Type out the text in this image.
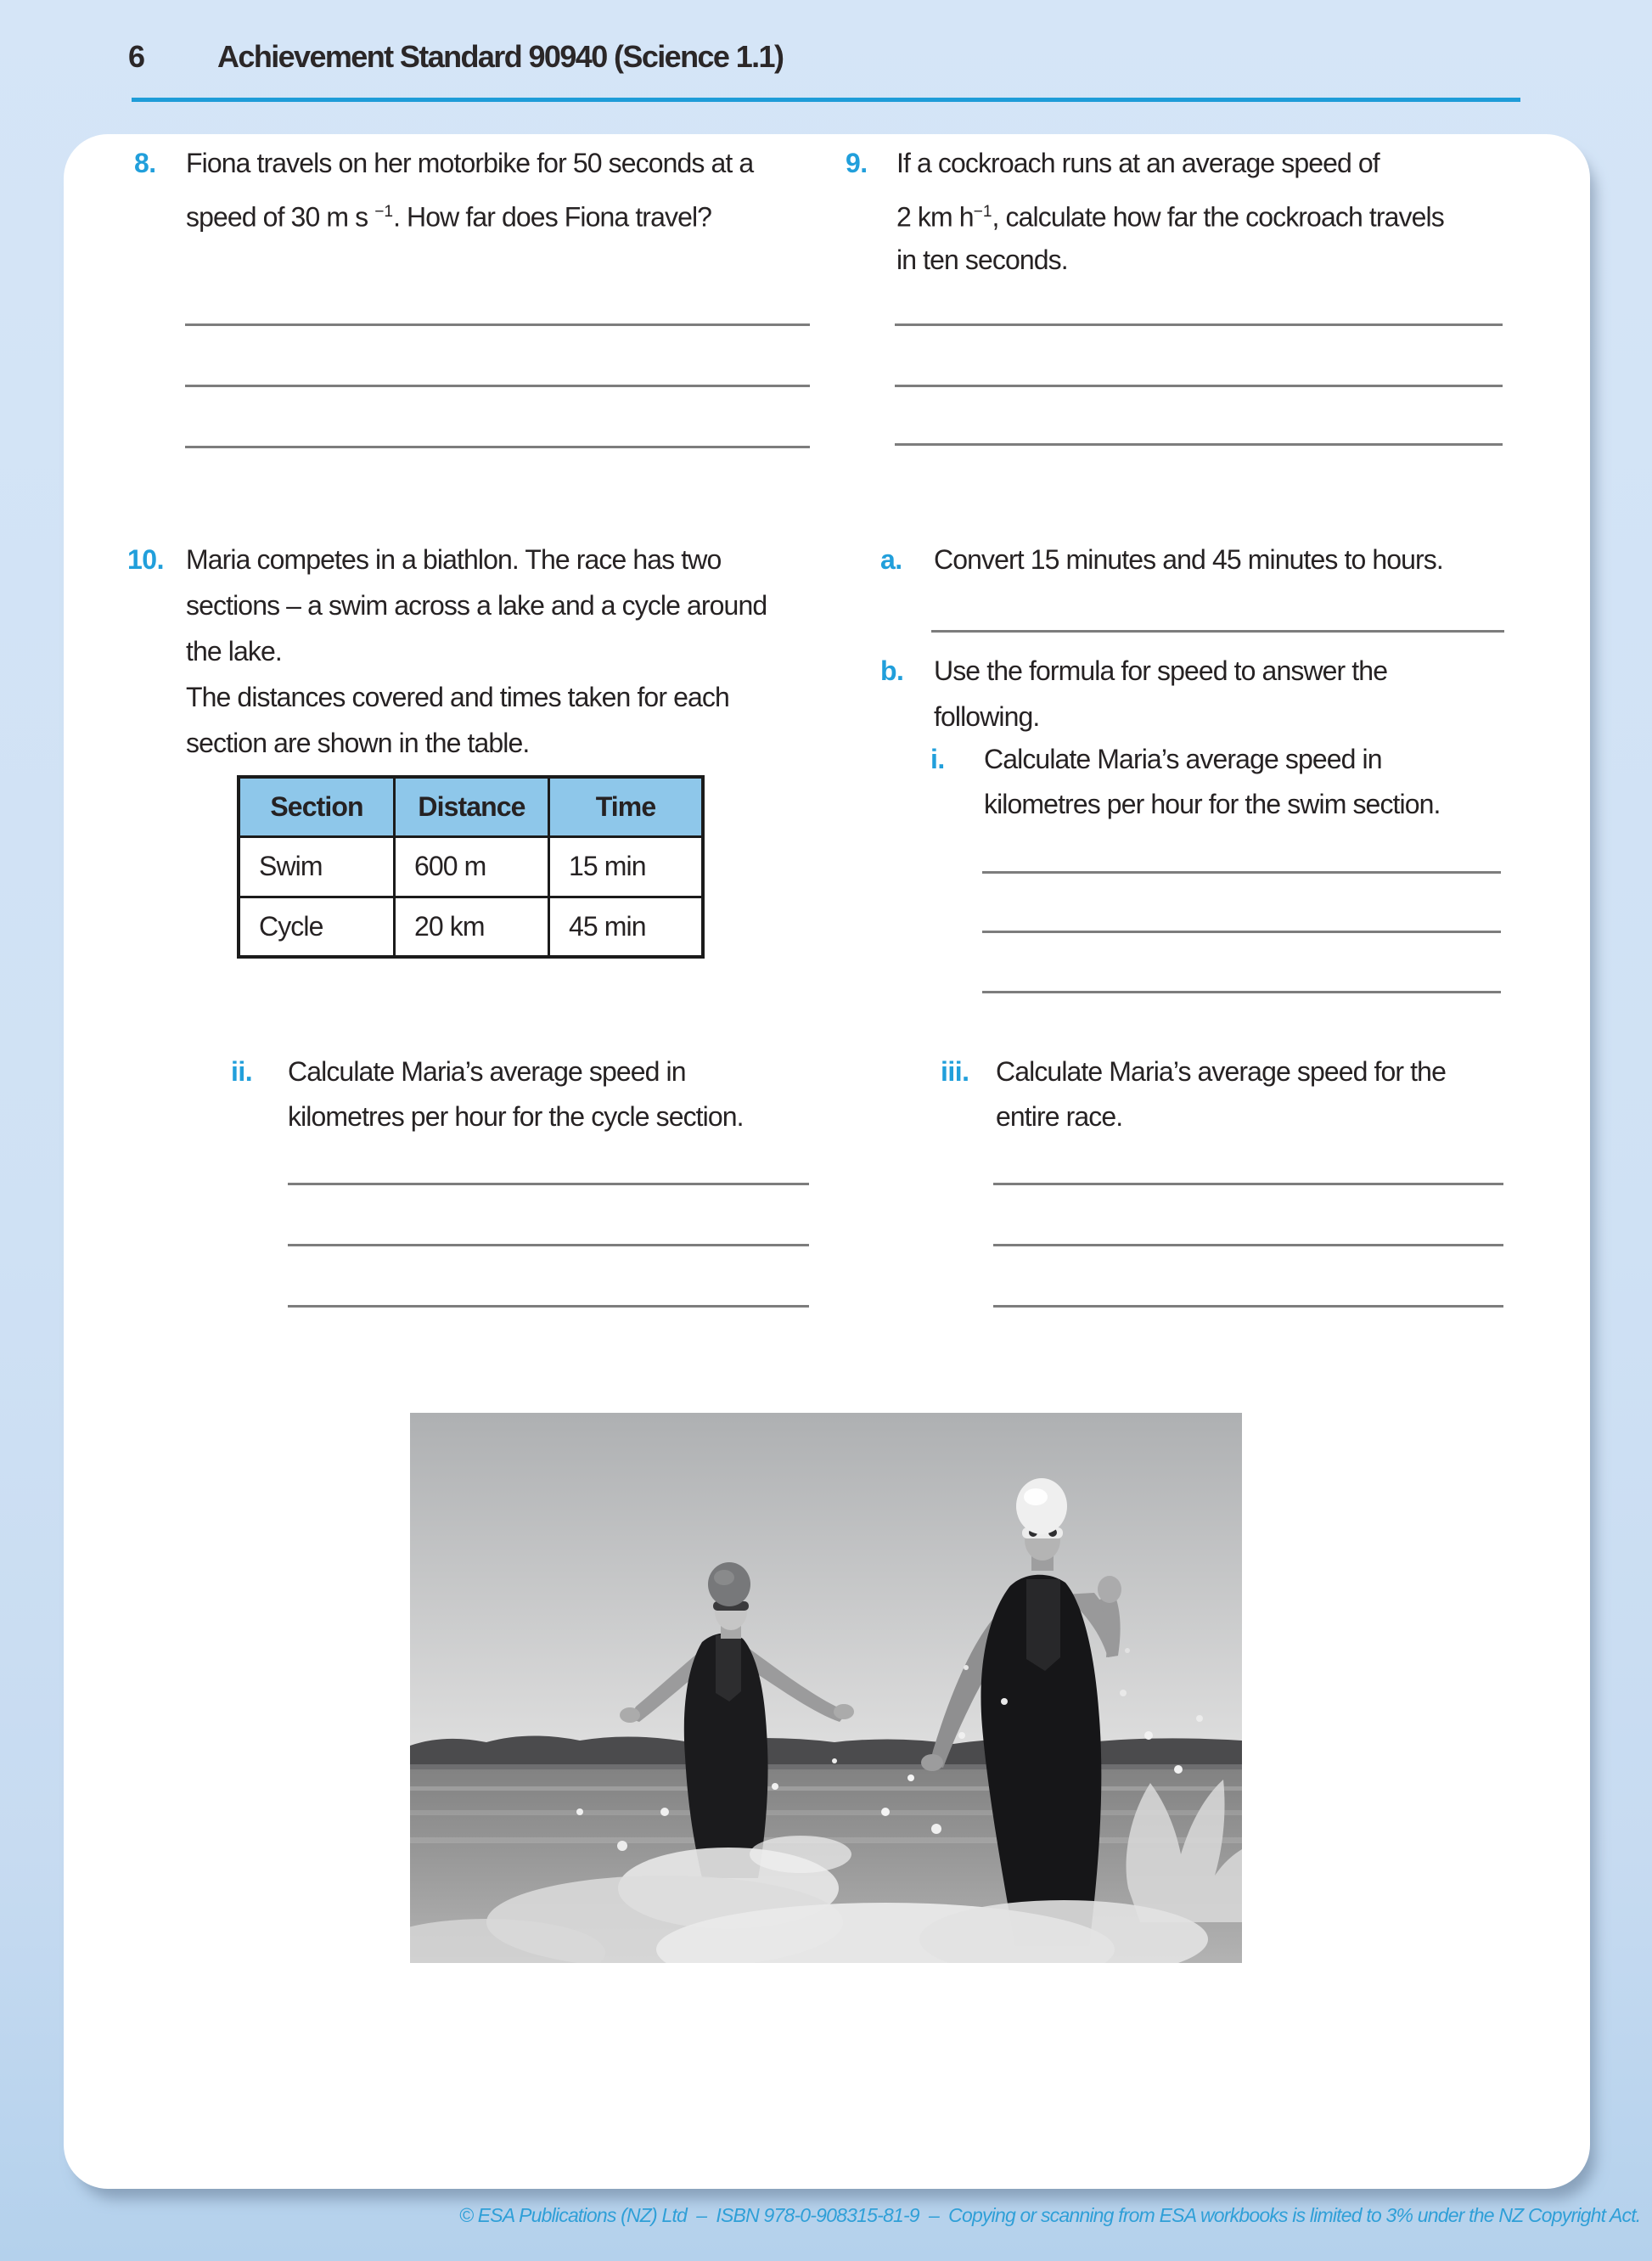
6 Achievement Standard 90940 (Science 1.1)
8. Fiona travels on her motorbike for 50 seconds at a
speed of 30 m s $^{-1}$. How far does Fiona travel?
9. If a cockroach runs at an average speed of
2 km $h^{-1}$, calculate how far the cockroach travels
in ten seconds.
10. Maria competes in a biathlon. The race has two
sections – a swim across a lake and a cycle around
the lake.
The distances covered and times taken for each
section are shown in the table.
Section	Distance	Time
Swim	600 m	15 min
Cycle	20 km	45 min
a. Convert 15 minutes and 45 minutes to hours.
b. Use the formula for speed to answer the
following.
i. Calculate Maria’s average speed in
kilometres per hour for the swim section.
ii. Calculate Maria’s average speed in
kilometres per hour for the cycle section.
iii. Calculate Maria’s average speed for the
entire race.
© ESA Publications (NZ) Ltd  –  ISBN 978-0-908315-81-9  –  Copying or scanning from ESA workbooks is limited to 3% under the NZ Copyright Act.
